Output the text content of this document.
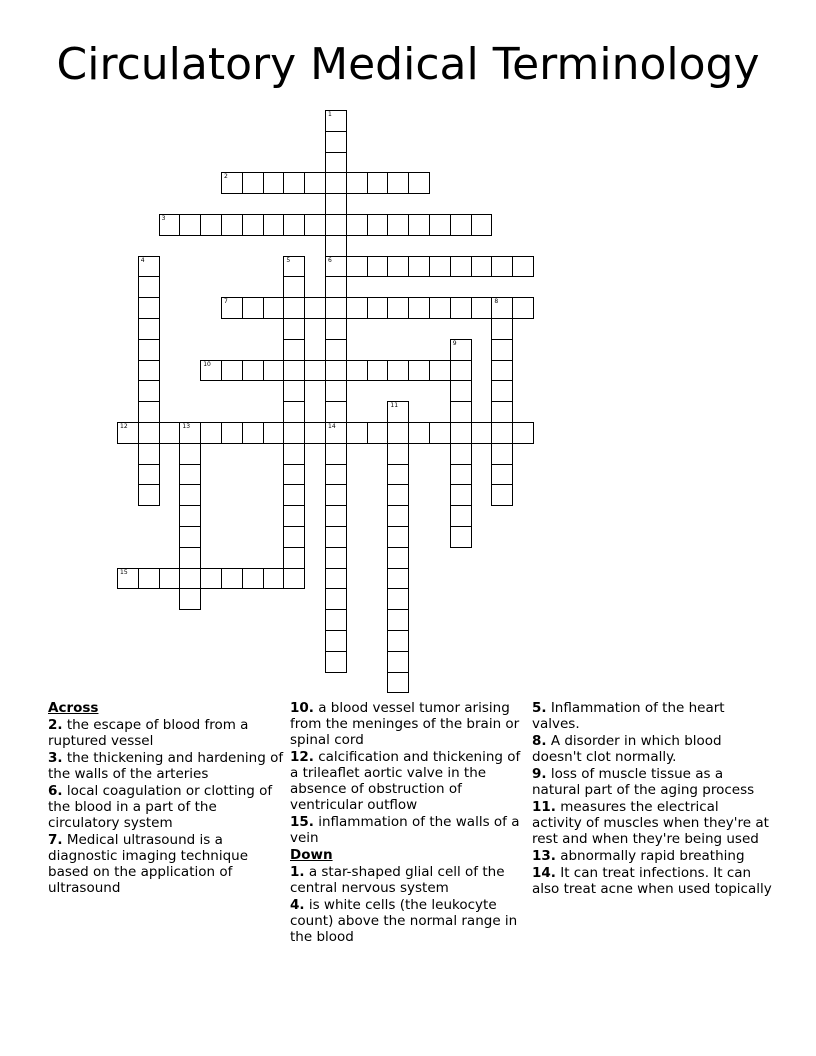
Circulatory Medical Terminology
1
6
14
2
3
4	5
7	8
9
10
11
12	13
15

Across

2. the escape of blood from a ruptured vessel

3. the thickening and hardening of the walls of the arteries

6. local coagulation or clotting of the blood in a part of the circulatory system

7. Medical ultrasound is a diagnostic imaging technique based on the application of ultrasound

10. a blood vessel tumor arising from the meninges of the brain or spinal cord

12. calcification and thickening of a trileaflet aortic valve in the absence of obstruction of ventricular outflow

15. inflammation of the walls of a vein

Down

1. a star-shaped glial cell of the central nervous system

4. is white cells (the leukocyte count) above the normal range in the blood

5. Inflammation of the heart valves.

8. A disorder in which blood doesn't clot normally.

9. loss of muscle tissue as a natural part of the aging process

11. measures the electrical activity of muscles when they're at rest and when they're being used

13. abnormally rapid breathing

14. It can treat infections. It can also treat acne when used topically
